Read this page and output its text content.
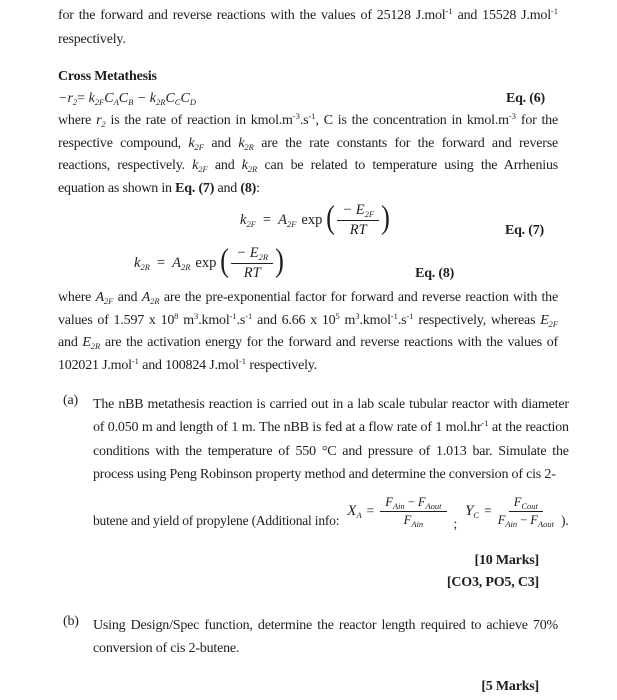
for the forward and reverse reactions with the values of 25128 J.mol$^{-1}$ and 15528 J.mol$^{-1}$ respectively.

Cross Metathesis
$-r_2= k_{2F}C_AC_B - k_{2R}C_CC_D$	Eq. (6)

where $r_2$ is the rate of reaction in $kmol.m^{-3}.s^{-1}$, C is the concentration in $kmol.m^{-3}$ for the respective compound, $k_{2F}$ and $k_{2R}$ are the rate constants for the forward and reverse reactions, respectively. $k_{2F}$ and $k_{2R}$ can be related to temperature using the Arrhenius equation as shown in Eq. (7) and (8):

$k_{2F} = A_{2F}$ exp ( $\frac{- E_{2F}}{RT}$ )	Eq. (7)
$k_{2R} = A_{2R}$ exp ( $\frac{- E_{2R}}{RT}$ )	Eq. (8)

where $A_{2F}$ and $A_{2R}$ are the pre-exponential factor for forward and reverse reaction with the values of 1.597 x $10^8$ $m^3.kmol^{-1}.s^{-1}$ and 6.66 x $10^5$ $m^3.kmol^{-1}.s^{-1}$ respectively, whereas $E_{2F}$ and $E_{2R}$ are the activation energy for the forward and reverse reactions with the values of 102021 J.mol$^{-1}$ and 100824 J.mol$^{-1}$ respectively.

(a)	The nBB metathesis reaction is carried out in a lab scale tubular reactor with diameter of 0.050 m and length of 1 m. The nBB is fed at a flow rate of 1 $mol.hr^{-1}$ at the reaction conditions with the temperature of 550 °C and pressure of 1.013 bar. Simulate the process using Peng Robinson property method and determine the conversion of cis 2-

butene and yield of propylene (Additional info:
$X_A = \frac{F_{Ain} - F_{Aout}}{F_{Ain}}$ ;
$Y_C = \frac{F_{Cout}}{F_{Ain} - F_{Aout}}$ ).
[10 Marks]
[CO3, PO5, C3]
(b)	Using Design/Spec function, determine the reactor length required to achieve 70% conversion of cis 2-butene.

[5 Marks]
